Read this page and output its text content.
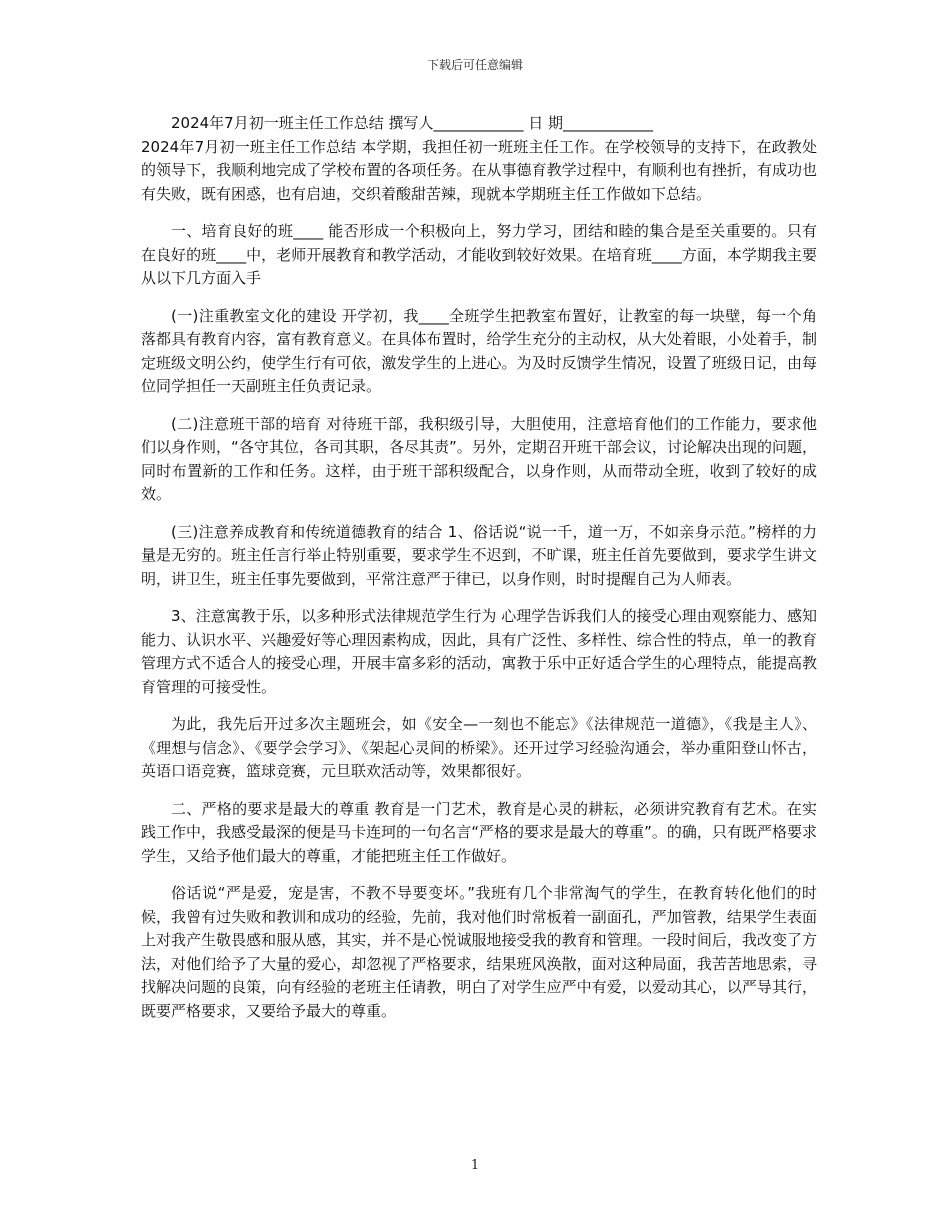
下载后可任意编辑

2024年7月初一班主任工作总结 撰写人____________ 日 期____________

2024年7月初一班主任工作总结 本学期，我担任初一班班主任工作。在学校领导的支持下，在政教处的领导下，我顺利地完成了学校布置的各项任务。在从事德育教学过程中，有顺利也有挫折，有成功也有失败，既有困惑，也有启迪，交织着酸甜苦辣，现就本学期班主任工作做如下总结。

一、培育良好的班____ 能否形成一个积极向上，努力学习，团结和睦的集合是至关重要的。只有在良好的班____中，老师开展教育和教学活动，才能收到较好效果。在培育班____方面，本学期我主要从以下几方面入手

(一)注重教室文化的建设 开学初，我____全班学生把教室布置好，让教室的每一块壁，每一个角落都具有教育内容，富有教育意义。在具体布置时，给学生充分的主动权，从大处着眼，小处着手，制定班级文明公约，使学生行有可依，激发学生的上进心。为及时反馈学生情况，设置了班级日记，由每位同学担任一天副班主任负责记录。

(二)注意班干部的培育 对待班干部，我积级引导，大胆使用，注意培育他们的工作能力，要求他们以身作则，“各守其位，各司其职，各尽其责”。另外，定期召开班干部会议，讨论解决出现的问题，同时布置新的工作和任务。这样，由于班干部积级配合，以身作则，从而带动全班，收到了较好的成效。

(三)注意养成教育和传统道德教育的结合 1、俗话说“说一千，道一万，不如亲身示范。”榜样的力量是无穷的。班主任言行举止特别重要，要求学生不迟到，不旷课，班主任首先要做到，要求学生讲文明，讲卫生，班主任事先要做到，平常注意严于律已，以身作则，时时提醒自己为人师表。

3、注意寓教于乐，以多种形式法律规范学生行为 心理学告诉我们人的接受心理由观察能力、感知能力、认识水平、兴趣爱好等心理因素构成，因此，具有广泛性、多样性、综合性的特点，单一的教育管理方式不适合人的接受心理，开展丰富多彩的活动，寓教于乐中正好适合学生的心理特点，能提高教育管理的可接受性。

为此，我先后开过多次主题班会，如《安全—一刻也不能忘》《法律规范一道德》，《我是主人》、《理想与信念》、《要学会学习》、《架起心灵间的桥梁》。还开过学习经验沟通会，举办重阳登山怀古，英语口语竞赛，篮球竞赛，元旦联欢活动等，效果都很好。

二、严格的要求是最大的尊重 教育是一门艺术，教育是心灵的耕耘，必须讲究教育有艺术。在实践工作中，我感受最深的便是马卡连珂的一句名言“严格的要求是最大的尊重”。的确，只有既严格要求学生，又给予他们最大的尊重，才能把班主任工作做好。

俗话说“严是爱，宠是害，不教不导要变坏。”我班有几个非常淘气的学生，在教育转化他们的时候，我曾有过失败和教训和成功的经验，先前，我对他们时常板着一副面孔，严加管教，结果学生表面上对我产生敬畏感和服从感，其实，并不是心悦诚服地接受我的教育和管理。一段时间后，我改变了方法，对他们给予了大量的爱心，却忽视了严格要求，结果班风涣散，面对这种局面，我苦苦地思索，寻找解决问题的良策，向有经验的老班主任请教，明白了对学生应严中有爱，以爱动其心，以严导其行，既要严格要求，又要给予最大的尊重。

1
